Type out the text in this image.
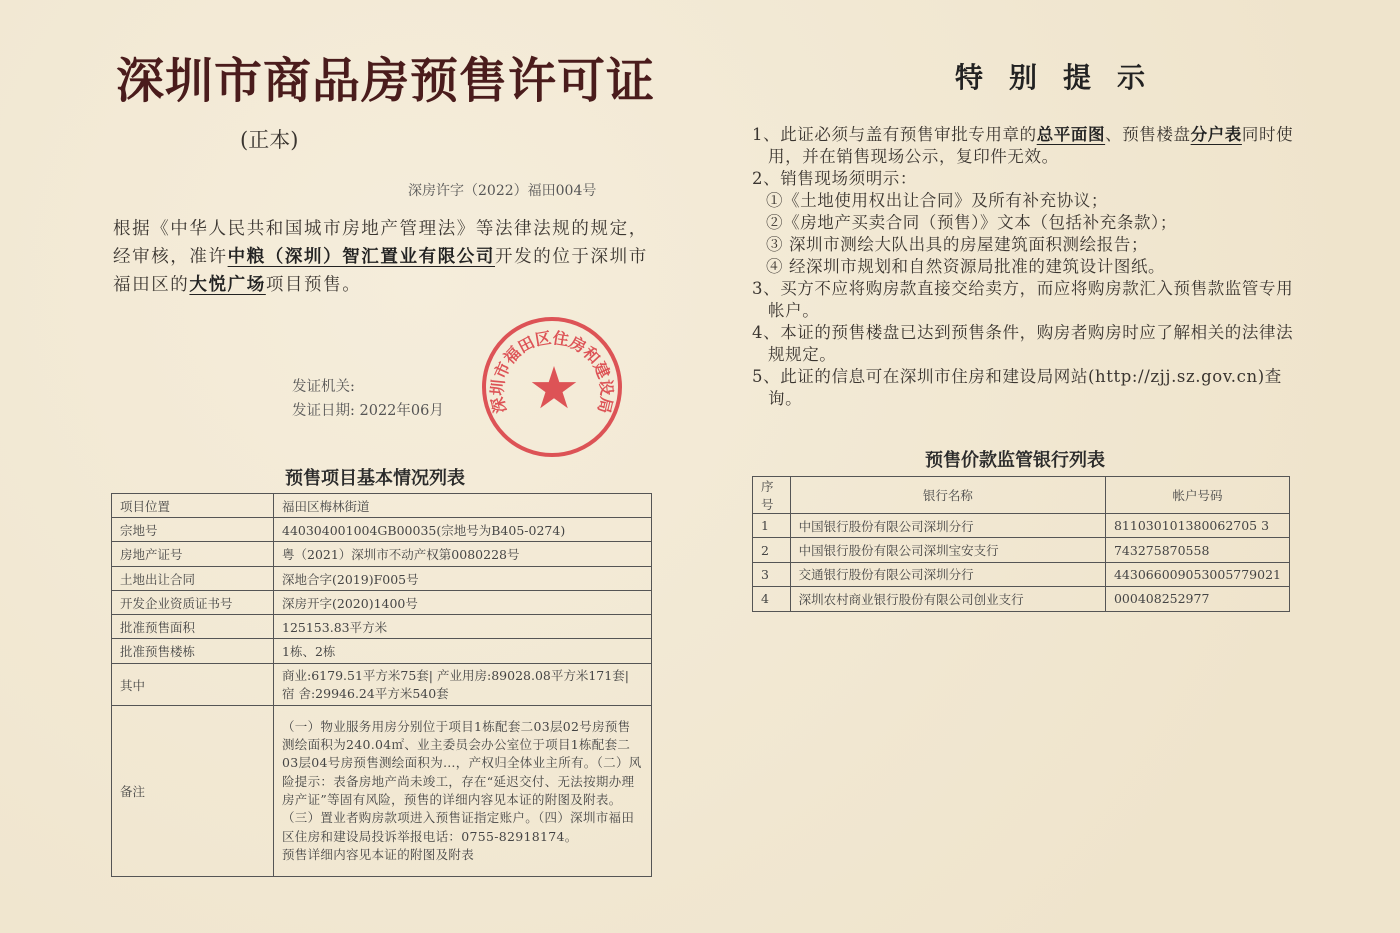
深圳市商品房预售许可证
(正本)
深房许字（2022）福田004号
根据《中华人民共和国城市房地产管理法》等法律法规的规定，经审核，准许中粮（深圳）智汇置业有限公司开发的位于深圳市福田区的大悦广场项目预售。
发证机关:
发证日期: 2022年06月 ★
深圳市福田区住房和建设局
预售项目基本情况列表
项目位置	福田区梅林街道
宗地号	440304001004GB00035(宗地号为B405-0274)
房地产证号	粤（2021）深圳市不动产权第0080228号
土地出让合同	深地合字(2019)F005号
开发企业资质证书号	深房开字(2020)1400号
批准预售面积	125153.83平方米
批准预售楼栋	1栋、2栋
其中	商业:6179.51平方米75套| 产业用房:89028.08平方米171套| 宿 舍:29946.24平方米540套
备注	（一）物业服务用房分别位于项目1栋配套二03层02号房预售测绘面积为240.04㎡、业主委员会办公室位于项目1栋配套二03层04号房预售测绘面积为…，产权归全体业主所有。（二）风险提示：表备房地产尚未竣工，存在“延迟交付、无法按期办理房产证”等固有风险，预售的详细内容见本证的附图及附表。（三）置业者购房款项进入预售证指定账户。（四）深圳市福田区住房和建设局投诉举报电话：0755-82918174。
预售详细内容见本证的附图及附表
特别提示
1、此证必须与盖有预售审批专用章的总平面图、预售楼盘分户表同时使用，并在销售现场公示，复印件无效。
2、销售现场须明示：
①《土地使用权出让合同》及所有补充协议；
②《房地产买卖合同（预售）》文本（包括补充条款）；
③ 深圳市测绘大队出具的房屋建筑面积测绘报告；
④ 经深圳市规划和自然资源局批准的建筑设计图纸。
3、买方不应将购房款直接交给卖方，而应将购房款汇入预售款监管专用帐户。
4、本证的预售楼盘已达到预售条件，购房者购房时应了解相关的法律法规规定。
5、此证的信息可在深圳市住房和建设局网站(http://zjj.sz.gov.cn)查询。
预售价款监管银行列表
序号	银行名称	帐户号码
1	中国银行股份有限公司深圳分行	811030101380062705 3
2	中国银行股份有限公司深圳宝安支行	743275870558
3	交通银行股份有限公司深圳分行	443066009053005779021
4	深圳农村商业银行股份有限公司创业支行	000408252977
